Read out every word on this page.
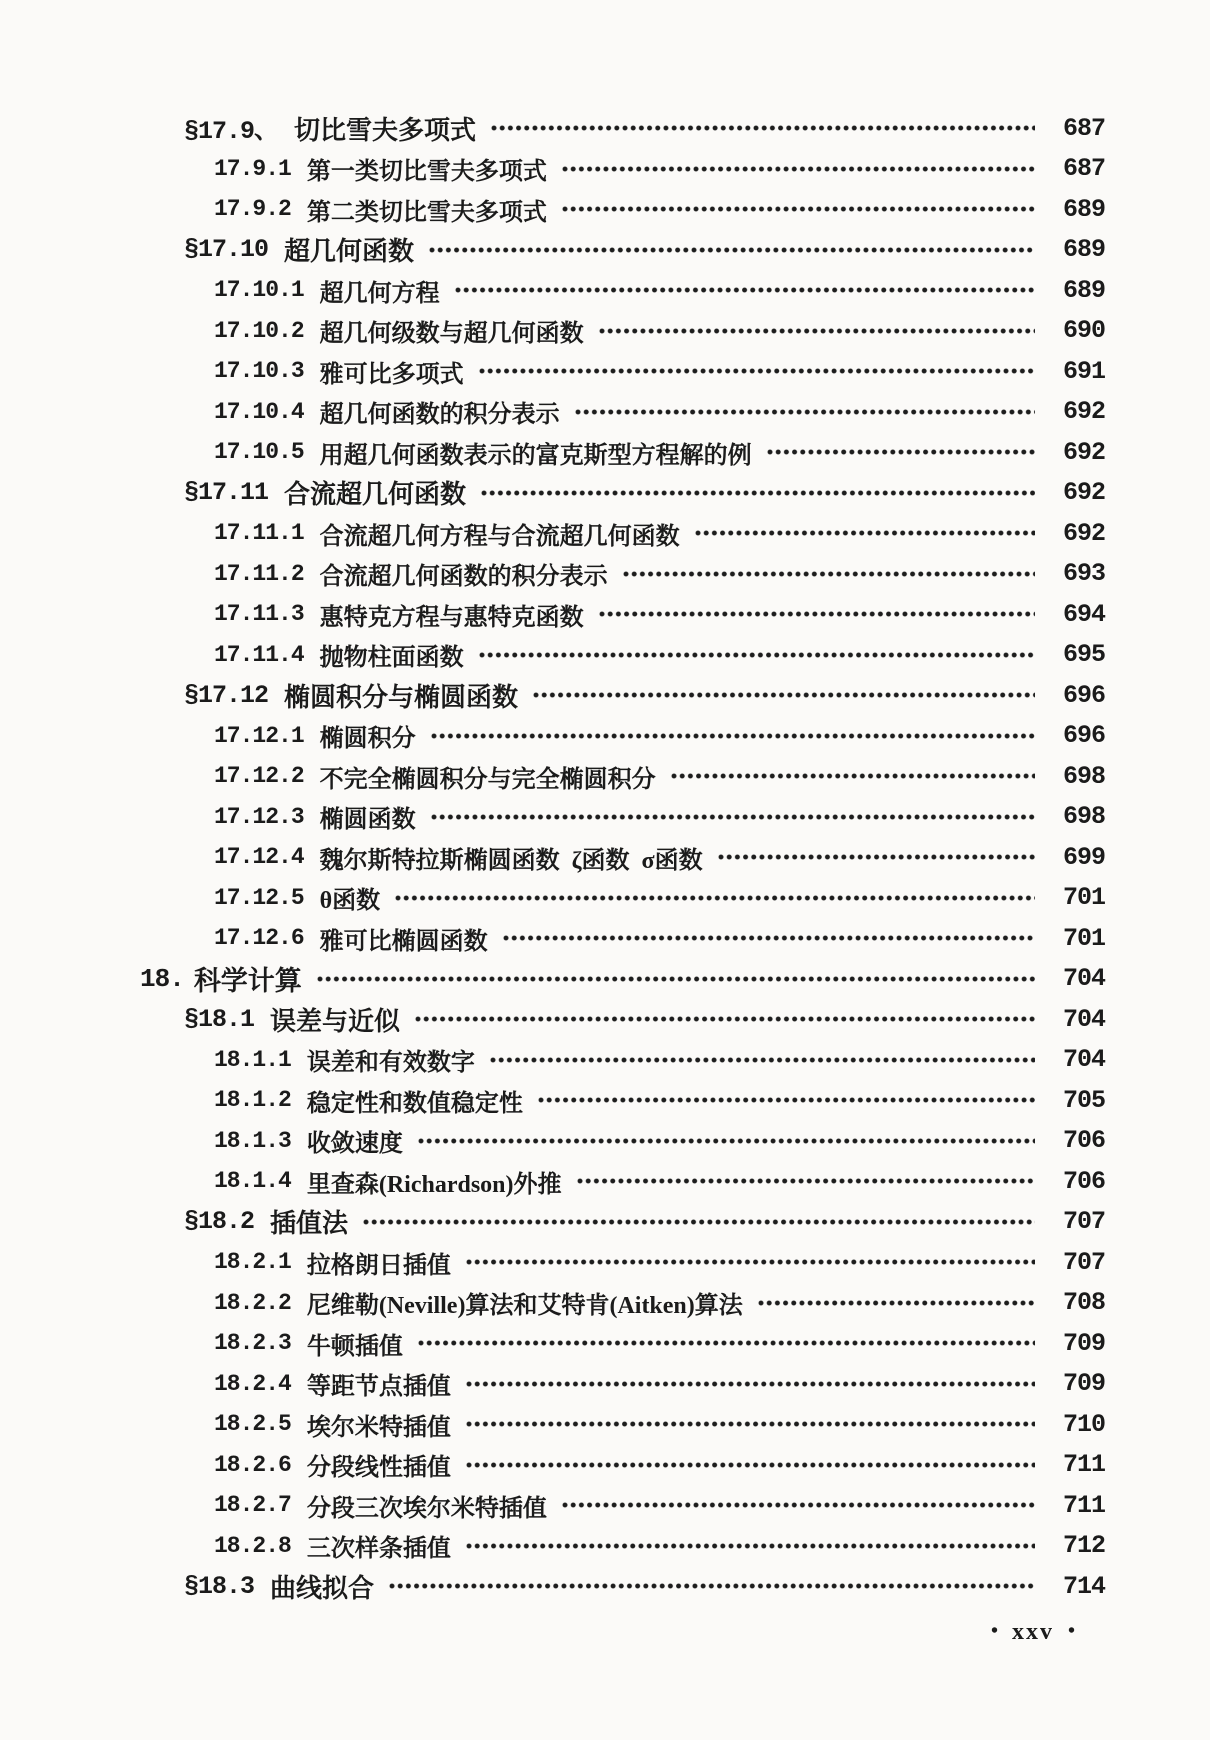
§17.9、 切比雪夫多项式	687
17.9.1 第一类切比雪夫多项式	687
17.9.2 第二类切比雪夫多项式	689
§17.10 超几何函数	689
17.10.1 超几何方程	689
17.10.2 超几何级数与超几何函数	690
17.10.3 雅可比多项式	691
17.10.4 超几何函数的积分表示	692
17.10.5 用超几何函数表示的富克斯型方程解的例	692
§17.11 合流超几何函数	692
17.11.1 合流超几何方程与合流超几何函数	692
17.11.2 合流超几何函数的积分表示	693
17.11.3 惠特克方程与惠特克函数	694
17.11.4 抛物柱面函数	695
§17.12 椭圆积分与椭圆函数	696
17.12.1 椭圆积分	696
17.12.2 不完全椭圆积分与完全椭圆积分	698
17.12.3 椭圆函数	698
17.12.4 魏尔斯特拉斯椭圆函数  ζ函数  σ函数	699
17.12.5 θ函数	701
17.12.6 雅可比椭圆函数	701
18. 科学计算	704
§18.1 误差与近似	704
18.1.1 误差和有效数字	704
18.1.2 稳定性和数值稳定性	705
18.1.3 收敛速度	706
18.1.4 里查森(Richardson)外推	706
§18.2 插值法	707
18.2.1 拉格朗日插值	707
18.2.2 尼维勒(Neville)算法和艾特肯(Aitken)算法	708
18.2.3 牛顿插值	709
18.2.4 等距节点插值	709
18.2.5 埃尔米特插值	710
18.2.6 分段线性插值	711
18.2.7 分段三次埃尔米特插值	711
18.2.8 三次样条插值	712
§18.3 曲线拟合	714
• xxv •
